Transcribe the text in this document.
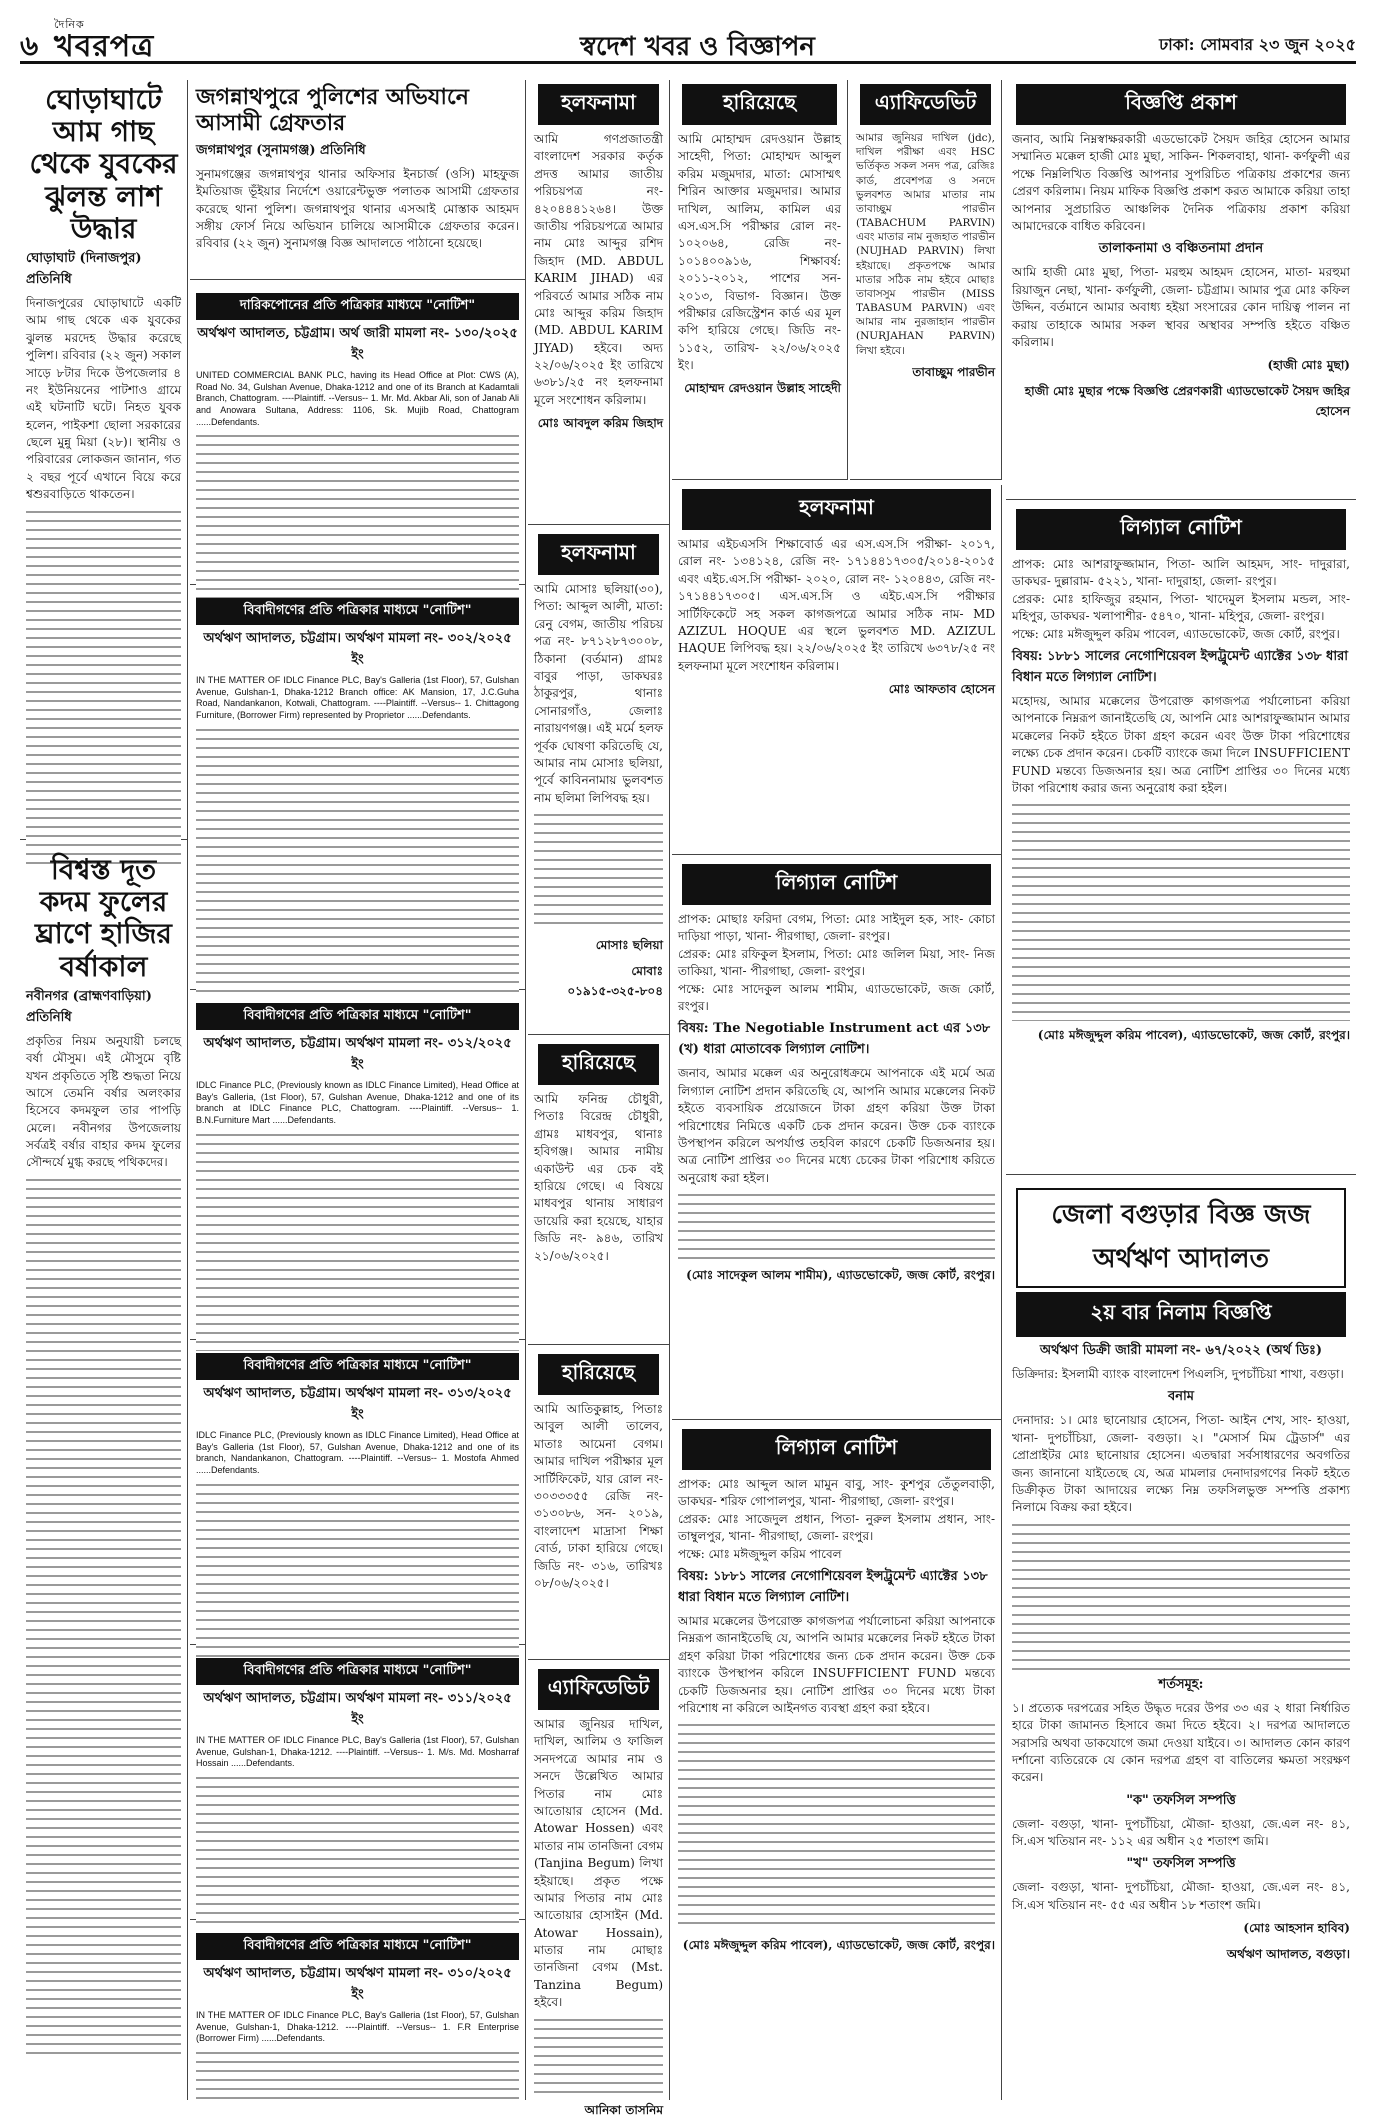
৬
দৈনিক
খবরপত্র	স্বদেশ খবর ও বিজ্ঞাপন	ঢাকা: সোমবার ২৩ জুন ২০২৫
ঘোড়াঘাটে আম গাছ থেকে যুবকের ঝুলন্ত লাশ উদ্ধার

ঘোড়াঘাট (দিনাজপুর) প্রতিনিধি

দিনাজপুরের ঘোড়াঘাটে একটি আম গাছ থেকে এক যুবকের ঝুলন্ত মরদেহ উদ্ধার করেছে পুলিশ। রবিবার (২২ জুন) সকাল সাড়ে ৮টার দিকে উপজেলার ৪ নং ইউনিয়নের পাটশাও গ্রামে এই ঘটনাটি ঘটে। নিহত যুবক হলেন, পাইকশা ছোলা সরকারের ছেলে মুন্নু মিয়া (২৮)। স্থানীয় ও পরিবারের লোকজন জানান, গত ২ বছর পূর্বে এখানে বিয়ে করে শ্বশুরবাড়িতে থাকতেন।

বিশ্বস্ত দূত কদম ফুলের ঘ্রাণে হাজির বর্ষাকাল

নবীনগর (ব্রাহ্মণবাড়িয়া) প্রতিনিধি

প্রকৃতির নিয়ম অনুযায়ী চলছে বর্ষা মৌসুম। এই মৌসুমে বৃষ্টি যখন প্রকৃতিতে সৃষ্টি শুদ্ধতা নিয়ে আসে তেমনি বর্ষার অলংকার হিসেবে কদমফুল তার পাপড়ি মেলে। নবীনগর উপজেলায় সর্বত্রই বর্ষার বাহার কদম ফুলের সৌন্দর্যে মুগ্ধ করছে পথিকদের।

জগন্নাথপুরে পুলিশের অভিযানে আসামী গ্রেফতার

জগন্নাথপুর (সুনামগঞ্জ) প্রতিনিধি

সুনামগঞ্জের জগন্নাথপুর থানার অফিসার ইনচার্জ (ওসি) মাহফুজ ইমতিয়াজ ভূঁইয়ার নির্দেশে ওয়ারেন্টভুক্ত পলাতক আসামী গ্রেফতার করেছে থানা পুলিশ। জগন্নাথপুর থানার এসআই মোস্তাক আহমদ সঙ্গীয় ফোর্স নিয়ে অভিযান চালিয়ে আসামীকে গ্রেফতার করেন। রবিবার (২২ জুন) সুনামগঞ্জ বিজ্ঞ আদালতে পাঠানো হয়েছে।

দারিকপোনের প্রতি পত্রিকার মাধ্যমে "নোটিশ"

অর্থঋণ আদালত, চট্টগ্রাম। অর্থ জারী মামলা নং- ১৩০/২০২৫ ইং

UNITED COMMERCIAL BANK PLC, having its Head Office at Plot: CWS (A), Road No. 34, Gulshan Avenue, Dhaka-1212 and one of its Branch at Kadamtali Branch, Chattogram. ----Plaintiff. --Versus-- 1. Mr. Md. Akbar Ali, son of Janab Ali and Anowara Sultana, Address: 1106, Sk. Mujib Road, Chattogram ......Defendants.

বিবাদীগণের প্রতি পত্রিকার মাধ্যমে "নোটিশ"

অর্থঋণ আদালত, চট্টগ্রাম। অর্থঋণ মামলা নং- ৩০২/২০২৫ ইং

IN THE MATTER OF IDLC Finance PLC, Bay's Galleria (1st Floor), 57, Gulshan Avenue, Gulshan-1, Dhaka-1212 Branch office: AK Mansion, 17, J.C.Guha Road, Nandankanon, Kotwali, Chattogram. ----Plaintiff. --Versus-- 1. Chittagong Furniture, (Borrower Firm) represented by Proprietor ......Defendants.

বিবাদীগণের প্রতি পত্রিকার মাধ্যমে "নোটিশ"

অর্থঋণ আদালত, চট্টগ্রাম। অর্থঋণ মামলা নং- ৩১২/২০২৫ ইং

IDLC Finance PLC, (Previously known as IDLC Finance Limited), Head Office at Bay's Galleria, (1st Floor), 57, Gulshan Avenue, Dhaka-1212 and one of its branch at IDLC Finance PLC, Chattogram. ----Plaintiff. --Versus-- 1. B.N.Furniture Mart ......Defendants.

বিবাদীগণের প্রতি পত্রিকার মাধ্যমে "নোটিশ"

অর্থঋণ আদালত, চট্টগ্রাম। অর্থঋণ মামলা নং- ৩১৩/২০২৫ ইং

IDLC Finance PLC, (Previously known as IDLC Finance Limited), Head Office at Bay's Galleria (1st Floor), 57, Gulshan Avenue, Dhaka-1212 and one of its branch, Nandankanon, Chattogram. ----Plaintiff. --Versus-- 1. Mostofa Ahmed ......Defendants.

বিবাদীগণের প্রতি পত্রিকার মাধ্যমে "নোটিশ"

অর্থঋণ আদালত, চট্টগ্রাম। অর্থঋণ মামলা নং- ৩১১/২০২৫ ইং

IN THE MATTER OF IDLC Finance PLC, Bay's Galleria (1st Floor), 57, Gulshan Avenue, Gulshan-1, Dhaka-1212. ----Plaintiff. --Versus-- 1. M/s. Md. Mosharraf Hossain ......Defendants.

বিবাদীগণের প্রতি পত্রিকার মাধ্যমে "নোটিশ"

অর্থঋণ আদালত, চট্টগ্রাম। অর্থঋণ মামলা নং- ৩১০/২০২৫ ইং

IN THE MATTER OF IDLC Finance PLC, Bay's Galleria (1st Floor), 57, Gulshan Avenue, Gulshan-1, Dhaka-1212. ----Plaintiff. --Versus-- 1. F.R Enterprise (Borrower Firm) ......Defendants.

হলফনামা

আমি গণপ্রজাতন্ত্রী বাংলাদেশ সরকার কর্তৃক প্রদত্ত আমার জাতীয় পরিচয়পত্র নং- ৪২০৪৪৪১২৬৪। উক্ত জাতীয় পরিচয়পত্রে আমার নাম মোঃ আব্দুর রশিদ জিহাদ (MD. ABDUL KARIM JIHAD) এর পরিবর্তে আমার সঠিক নাম মোঃ আব্দুর করিম জিহাদ (MD. ABDUL KARIM JIYAD) হইবে। অদ্য ২২/০৬/২০২৫ ইং তারিখে ৬৩৮১/২৫ নং হলফনামা মূলে সংশোধন করিলাম।

মোঃ আবদুল করিম জিহাদ

হলফনামা

আমি মোসাঃ ছলিয়া(৩০), পিতা: আব্দুল আলী, মাতা: রেনু বেগম, জাতীয় পরিচয় পত্র নং- ৮৭১২৮৭৩০০৮, ঠিকানা (বর্তমান) গ্রামঃ বাবুর পাড়া, ডাকঘরঃ ঠাকুরপুর, থানাঃ সোনারগাঁও, জেলাঃ নারায়ণগঞ্জ। এই মর্মে হলফ পূর্বক ঘোষণা করিতেছি যে, আমার নাম মোসাঃ ছলিয়া, পূর্বে কাবিননামায় ভুলবশত নাম ছলিমা লিপিবদ্ধ হয়।

মোসাঃ ছলিয়া

মোবাঃ ০১৯১৫-৩২৫-৮০৪

হারিয়েছে

আমি ফনিন্দ্র চৌধুরী, পিতাঃ বিরেন্দ্র চৌধুরী, গ্রামঃ মাধবপুর, থানাঃ হবিগঞ্জ। আমার নামীয় একাউন্ট এর চেক বই হারিয়ে গেছে। এ বিষয়ে মাধবপুর থানায় সাধারণ ডায়েরি করা হয়েছে, যাহার জিডি নং- ৯৪৬, তারিখ ২১/০৬/২০২৫।

হারিয়েছে

আমি আতিকুল্লাহ, পিতাঃ আবুল আলী তালেব, মাতাঃ আমেনা বেগম। আমার দাখিল পরীক্ষার মূল সার্টিফিকেট, যার রোল নং- ৩০৩৩৩৫৫ রেজি নং- ৩১৩০৮৬, সন- ২০১৯, বাংলাদেশ মাদ্রাসা শিক্ষা বোর্ড, ঢাকা হারিয়ে গেছে। জিডি নং- ৩১৬, তারিখঃ ০৮/০৬/২০২৫।

এ্যাফিডেভিট

আমার জুনিয়র দাখিল, দাখিল, আলিম ও ফাজিল সনদপত্রে আমার নাম ও সনদে উল্লেখিত আমার পিতার নাম মোঃ আতোয়ার হোসেন (Md. Atowar Hossen) এবং মাতার নাম তানজিনা বেগম (Tanjina Begum) লিখা হইয়াছে। প্রকৃত পক্ষে আমার পিতার নাম মোঃ আতোয়ার হোসাইন (Md. Atowar Hossain), মাতার নাম মোছাঃ তানজিনা বেগম (Mst. Tanzina Begum) হইবে।

আনিকা তাসনিম

হারিয়েছে

আমি মোহাম্মদ রেদওয়ান উল্লাহ সাহেদী, পিতা: মোহাম্মদ আব্দুল করিম মজুমদার, মাতা: মোসাম্মৎ শিরিন আক্তার মজুমদার। আমার দাখিল, আলিম, কামিল এর এস.এস.সি পরীক্ষার রোল নং- ১০২০৬৪, রেজি নং- ১০১৪০০৯১৬, শিক্ষাবর্ষ: ২০১১-২০১২, পাশের সন- ২০১৩, বিভাগ- বিজ্ঞান। উক্ত পরীক্ষার রেজিস্ট্রেশন কার্ড এর মূল কপি হারিয়ে গেছে। জিডি নং- ১১৫২, তারিখ- ২২/০৬/২০২৫ ইং।

মোহাম্মদ রেদওয়ান উল্লাহ সাহেদী

এ্যাফিডেভিট

আমার জুনিয়র দাখিল (jdc), দাখিল পরীক্ষা এবং HSC ভর্তিকৃত সকল সনদ পত্র, রেজিঃ কার্ড, প্রবেশপত্র ও সনদে ভুলবশত আমার মাতার নাম তাবাচ্ছুম পারভীন (TABACHUM PARVIN) এবং মাতার নাম নুজহাত পারভীন (NUJHAD PARVIN) লিখা হইয়াছে। প্রকৃতপক্ষে আমার মাতার সঠিক নাম হইবে মোছাঃ তাবাসসুম পারভীন (MISS TABASUM PARVIN) এবং আমার নাম নুরজাহান পারভীন (NURJAHAN PARVIN) লিখা হইবে।

তাবাচ্ছুম পারভীন

হলফনামা

আমার এইচএসসি শিক্ষাবোর্ড এর এস.এস.সি পরীক্ষা- ২০১৭, রোল নং- ১৩৪১২৪, রেজি নং- ১৭১৪৪১৭৩০৫/২০১৪-২০১৫ এবং এইচ.এস.সি পরীক্ষা- ২০২০, রোল নং- ১২০৪৪৩, রেজি নং- ১৭১৪৪১৭৩০৫। এস.এস.সি ও এইচ.এস.সি পরীক্ষার সার্টিফিকেটে সহ সকল কাগজপত্রে আমার সঠিক নাম- MD AZIZUL HOQUE এর স্থলে ভুলবশত MD. AZIZUL HAQUE লিপিবদ্ধ হয়। ২২/০৬/২০২৫ ইং তারিখে ৬৩৭৮/২৫ নং হলফনামা মূলে সংশোধন করিলাম।

মোঃ আফতাব হোসেন

লিগ্যাল নোটিশ

প্রাপক: মোছাঃ ফরিদা বেগম, পিতা: মোঃ সাইদুল হক, সাং- কোচা দাড়িয়া পাড়া, খানা- পীরগাছা, জেলা- রংপুর।

প্রেরক: মোঃ রফিকুল ইসলাম, পিতা: মোঃ জলিল মিয়া, সাং- নিজ তাকিয়া, খানা- পীরগাছা, জেলা- রংপুর।

পক্ষে: মোঃ সাদেকুল আলম শামীম, এ্যাডভোকেট, জজ কোর্ট, রংপুর।

বিষয়: The Negotiable Instrument act এর ১৩৮ (খ) ধারা মোতাবেক লিগ্যাল নোটিশ।

জনাব, আমার মক্কেল এর অনুরোধক্রমে আপনাকে এই মর্মে অত্র লিগ্যাল নোটিশ প্রদান করিতেছি যে, আপনি আমার মক্কেলের নিকট হইতে ব্যবসায়িক প্রয়োজনে টাকা গ্রহণ করিয়া উক্ত টাকা পরিশোধের নিমিত্তে একটি চেক প্রদান করেন। উক্ত চেক ব্যাংকে উপস্থাপন করিলে অপর্যাপ্ত তহবিল কারণে চেকটি ডিজঅনার হয়। অত্র নোটিশ প্রাপ্তির ৩০ দিনের মধ্যে চেকের টাকা পরিশোধ করিতে অনুরোধ করা হইল।

(মোঃ সাদেকুল আলম শামীম), এ্যাডভোকেট, জজ কোর্ট, রংপুর।

লিগ্যাল নোটিশ

প্রাপক: মোঃ আব্দুল আল মামুন বাবু, সাং- কুশপুর তেঁতুলবাড়ী, ডাকঘর- শরিফ গোপালপুর, খানা- পীরগাছা, জেলা- রংপুর।

প্রেরক: মোঃ সাজেদুল প্রধান, পিতা- নুরুল ইসলাম প্রধান, সাং- তাম্বুলপুর, খানা- পীরগাছা, জেলা- রংপুর।

পক্ষে: মোঃ মঈজুদ্দুল করিম পাবেল

বিষয়: ১৮৮১ সালের নেগোশিয়েবল ইন্সট্রুমেন্ট এ্যাক্টের ১৩৮ ধারা বিধান মতে লিগ্যাল নোটিশ।

আমার মক্কেলের উপরোক্ত কাগজপত্র পর্যালোচনা করিয়া আপনাকে নিম্নরূপ জানাইতেছি যে, আপনি আমার মক্কেলের নিকট হইতে টাকা গ্রহণ করিয়া টাকা পরিশোধের জন্য চেক প্রদান করেন। উক্ত চেক ব্যাংকে উপস্থাপন করিলে INSUFFICIENT FUND মন্তব্যে চেকটি ডিজঅনার হয়। নোটিশ প্রাপ্তির ৩০ দিনের মধ্যে টাকা পরিশোধ না করিলে আইনগত ব্যবস্থা গ্রহণ করা হইবে।

(মোঃ মঈজুদ্দুল করিম পাবেল), এ্যাডভোকেট, জজ কোর্ট, রংপুর।

বিজ্ঞপ্তি প্রকাশ

জনাব, আমি নিম্নস্বাক্ষরকারী এডভোকেট সৈয়দ জহির হোসেন আমার সম্মানিত মক্কেল হাজী মোঃ মুছা, সাকিন- শিকলবাহা, থানা- কর্ণফুলী এর পক্ষে নিম্নলিখিত বিজ্ঞপ্তি আপনার সুপরিচিত পত্রিকায় প্রকাশের জন্য প্রেরণ করিলাম। নিয়ম মাফিক বিজ্ঞপ্তি প্রকাশ করত আমাকে করিয়া তাহা আপনার সুপ্রচারিত আঞ্চলিক দৈনিক পত্রিকায় প্রকাশ করিয়া আমাদেরকে বাধিত করিবেন।

তালাকনামা ও বঞ্চিতনামা প্রদান

আমি হাজী মোঃ মুছা, পিতা- মরহুম আহমদ হোসেন, মাতা- মরহুমা রিয়াজুন নেছা, খানা- কর্ণফুলী, জেলা- চট্টগ্রাম। আমার পুত্র মোঃ কফিল উদ্দিন, বর্তমানে আমার অবাধ্য হইয়া সংসারের কোন দায়িত্ব পালন না করায় তাহাকে আমার সকল স্থাবর অস্থাবর সম্পত্তি হইতে বঞ্চিত করিলাম।

(হাজী মোঃ মুছা)

হাজী মোঃ মুছার পক্ষে বিজ্ঞপ্তি প্রেরণকারী এ্যাডভোকেট সৈয়দ জহির হোসেন

লিগ্যাল নোটিশ

প্রাপক: মোঃ আশরাফুজ্জামান, পিতা- আলি আহমদ, সাং- দাদুরারা, ডাকঘর- দুল্লারাম- ৫২২১, খানা- দাদুরাহা, জেলা- রংপুর।

প্রেরক: মোঃ হাফিজুর রহমান, পিতা- খাদেমুল ইসলাম মন্ডল, সাং- মহিপুর, ডাকঘর- খলাপাশীর- ৫৪৭০, খানা- মহিপুর, জেলা- রংপুর।

পক্ষে: মোঃ মঈজুদ্দুল করিম পাবেল, এ্যাডভোকেট, জজ কোর্ট, রংপুর।

বিষয়: ১৮৮১ সালের নেগোশিয়েবল ইন্সট্রুমেন্ট এ্যাক্টের ১৩৮ ধারা বিধান মতে লিগ্যাল নোটিশ।

মহোদয়, আমার মক্কেলের উপরোক্ত কাগজপত্র পর্যালোচনা করিয়া আপনাকে নিম্নরূপ জানাইতেছি যে, আপনি মোঃ আশরাফুজ্জামান আমার মক্কেলের নিকট হইতে টাকা গ্রহণ করেন এবং উক্ত টাকা পরিশোধের লক্ষ্যে চেক প্রদান করেন। চেকটি ব্যাংকে জমা দিলে INSUFFICIENT FUND মন্তব্যে ডিজঅনার হয়। অত্র নোটিশ প্রাপ্তির ৩০ দিনের মধ্যে টাকা পরিশোধ করার জন্য অনুরোধ করা হইল।

(মোঃ মঈজুদ্দুল করিম পাবেল), এ্যাডভোকেট, জজ কোর্ট, রংপুর।

জেলা বগুড়ার বিজ্ঞ জজ অর্থঋণ আদালত
২য় বার নিলাম বিজ্ঞপ্তি

অর্থঋণ ডিক্রী জারী মামলা নং- ৬৭/২০২২ (অর্থ ডিঃ)

ডিক্রিদার: ইসলামী ব্যাংক বাংলাদেশ পিএলসি, দুপচাঁচিয়া শাখা, বগুড়া।

বনাম

দেনাদার: ১। মোঃ ছানোয়ার হোসেন, পিতা- আইন শেখ, সাং- হাওয়া, খানা- দুপচাঁচিয়া, জেলা- বগুড়া। ২। "মেসার্স মিম ট্রেডার্স" এর প্রোপ্রাইটর মোঃ ছানোয়ার হোসেন। এতদ্বারা সর্বসাধারণের অবগতির জন্য জানানো যাইতেছে যে, অত্র মামলার দেনাদারগণের নিকট হইতে ডিক্রীকৃত টাকা আদায়ের লক্ষ্যে নিম্ন তফসিলভুক্ত সম্পত্তি প্রকাশ্য নিলামে বিক্রয় করা হইবে।

শর্তসমূহ:

১। প্রত্যেক দরপত্রের সহিত উদ্ধৃত দরের উপর ৩৩ এর ২ ধারা নির্ধারিত হারে টাকা জামানত হিসাবে জমা দিতে হইবে। ২। দরপত্র আদালতে সরাসরি অথবা ডাকযোগে জমা দেওয়া যাইবে। ৩। আদালত কোন কারণ দর্শানো ব্যতিরেকে যে কোন দরপত্র গ্রহণ বা বাতিলের ক্ষমতা সংরক্ষণ করেন।

"ক" তফসিল সম্পত্তি

জেলা- বগুড়া, খানা- দুপচাঁচিয়া, মৌজা- হাওয়া, জে.এল নং- ৪১, সি.এস খতিয়ান নং- ১১২ এর অধীন ২৫ শতাংশ জমি।

"খ" তফসিল সম্পত্তি

জেলা- বগুড়া, খানা- দুপচাঁচিয়া, মৌজা- হাওয়া, জে.এল নং- ৪১, সি.এস খতিয়ান নং- ৫৫ এর অধীন ১৮ শতাংশ জমি।

(মোঃ আহসান হাবিব)

অর্থঋণ আদালত, বগুড়া।
